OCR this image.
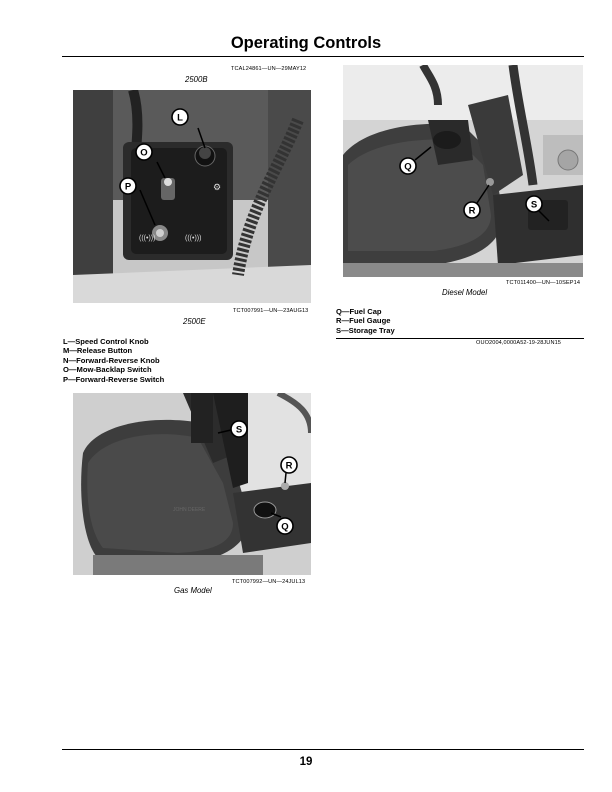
Operating Controls
TCAL24861—UN—29MAY12
2500B
(((•)))
(((•)))
⚙
L
O
P
TCT007991—UN—23AUG13
2500E
L—Speed Control Knob
M—Release Button
N—Forward-Reverse Knob
O—Mow-Backlap Switch
P—Forward-Reverse Switch
JOHN DEERE
S
R
Q
TCT007992—UN—24JUL13
Gas Model
Q
R
S
TCT011400—UN—10SEP14
Diesel Model
Q—Fuel Cap
R—Fuel Gauge
S—Storage Tray
OUO2004,0000A52-19-28JUN15
19
